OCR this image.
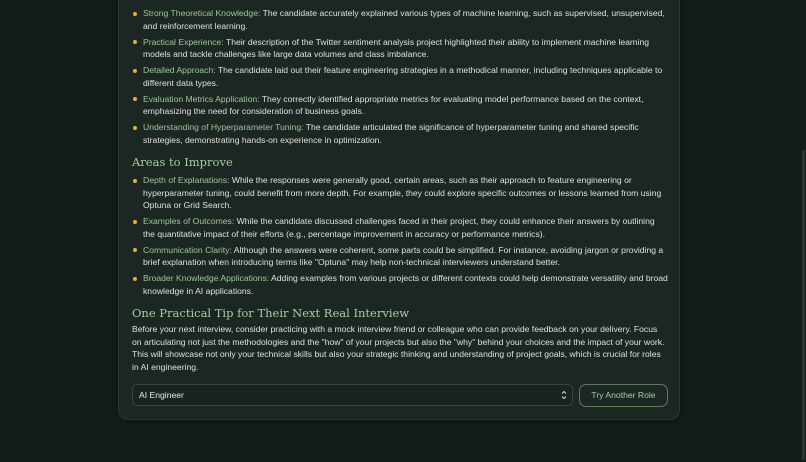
Strong Theoretical Knowledge: The candidate accurately explained various types of machine learning, such as supervised, unsupervised, and reinforcement learning.
Practical Experience: Their description of the Twitter sentiment analysis project highlighted their ability to implement machine learning models and tackle challenges like large data volumes and class imbalance.
Detailed Approach: The candidate laid out their feature engineering strategies in a methodical manner, including techniques applicable to different data types.
Evaluation Metrics Application: They correctly identified appropriate metrics for evaluating model performance based on the context, emphasizing the need for consideration of business goals.
Understanding of Hyperparameter Tuning: The candidate articulated the significance of hyperparameter tuning and shared specific strategies, demonstrating hands-on experience in optimization.
Areas to Improve
Depth of Explanations: While the responses were generally good, certain areas, such as their approach to feature engineering or hyperparameter tuning, could benefit from more depth. For example, they could explore specific outcomes or lessons learned from using Optuna or Grid Search.
Examples of Outcomes: While the candidate discussed challenges faced in their project, they could enhance their answers by outlining the quantitative impact of their efforts (e.g., percentage improvement in accuracy or performance metrics).
Communication Clarity: Although the answers were coherent, some parts could be simplified. For instance, avoiding jargon or providing a brief explanation when introducing terms like "Optuna" may help non-technical interviewers understand better.
Broader Knowledge Applications: Adding examples from various projects or different contexts could help demonstrate versatility and broad knowledge in AI applications.
One Practical Tip for Their Next Real Interview

Before your next interview, consider practicing with a mock interview friend or colleague who can provide feedback on your delivery. Focus on articulating not just the methodologies and the "how" of your projects but also the "why" behind your choices and the impact of your work. This will showcase not only your technical skills but also your strategic thinking and understanding of project goals, which is crucial for roles in AI engineering.

AI Engineer	Try Another Role
